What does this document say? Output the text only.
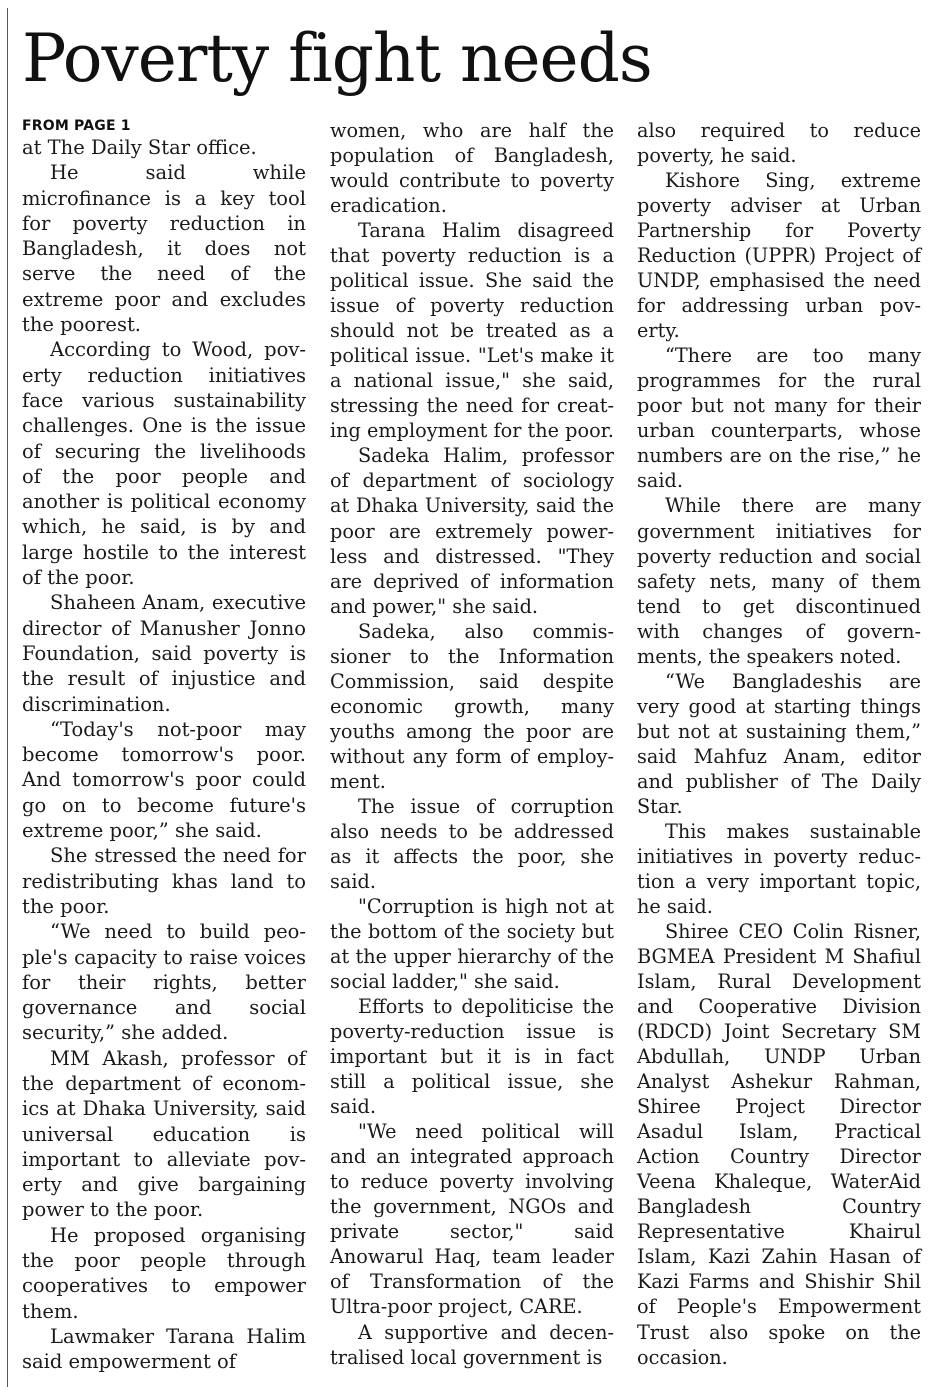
Poverty fight needs
FROM PAGE 1

at The Daily Star office.

He said while microfinance is a key tool for poverty reduction in Bangladesh, it does not serve the need of the extreme poor and excludes the poorest.

According to Wood, poverty reduction initiatives face various sustainability challenges. One is the issue of securing the livelihoods of the poor people and another is political economy which, he said, is by and large hostile to the interest of the poor.

Shaheen Anam, executive director of Manusher Jonno Foundation, said poverty is the result of injustice and discrimination.

“Today's not-poor may become tomorrow's poor. And tomorrow's poor could go on to become future's extreme poor,” she said.

She stressed the need for redistributing khas land to the poor.

“We need to build people's capacity to raise voices for their rights, better governance and social security,” she added.

MM Akash, professor of the department of economics at Dhaka University, said universal education is important to alleviate poverty and give bargaining power to the poor.

He proposed organising the poor people through cooperatives to empower them.

Lawmaker Tarana Halim said empowerment of

women, who are half the population of Bangladesh, would contribute to poverty eradication.

Tarana Halim disagreed that poverty reduction is a political issue. She said the issue of poverty reduction should not be treated as a political issue. "Let's make it a national issue," she said, stressing the need for creating employment for the poor.

Sadeka Halim, professor of department of sociology at Dhaka University, said the poor are extremely powerless and distressed. "They are deprived of information and power," she said.

Sadeka, also commissioner to the Information Commission, said despite economic growth, many youths among the poor are without any form of employment.

The issue of corruption also needs to be addressed as it affects the poor, she said.

"Corruption is high not at the bottom of the society but at the upper hierarchy of the social ladder," she said.

Efforts to depoliticise the poverty-reduction issue is important but it is in fact still a political issue, she said.

"We need political will and an integrated approach to reduce poverty involving the government, NGOs and private sector," said Anowarul Haq, team leader of Transformation of the Ultra-poor project, CARE.

A supportive and decentralised local government is

also required to reduce poverty, he said.

Kishore Sing, extreme poverty adviser at Urban Partnership for Poverty Reduction (UPPR) Project of UNDP, emphasised the need for addressing urban poverty.

“There are too many programmes for the rural poor but not many for their urban counterparts, whose numbers are on the rise,” he said.

While there are many government initiatives for poverty reduction and social safety nets, many of them tend to get discontinued with changes of governments, the speakers noted.

“We Bangladeshis are very good at starting things but not at sustaining them,” said Mahfuz Anam, editor and publisher of The Daily Star.

This makes sustainable initiatives in poverty reduction a very important topic, he said.

Shiree CEO Colin Risner, BGMEA President M Shafiul Islam, Rural Development and Cooperative Division (RDCD) Joint Secretary SM Abdullah, UNDP Urban Analyst Ashekur Rahman, Shiree Project Director Asadul Islam, Practical Action Country Director Veena Khaleque, WaterAid Bangladesh Country Representative Khairul Islam, Kazi Zahin Hasan of Kazi Farms and Shishir Shil of People's Empowerment Trust also spoke on the occasion.
